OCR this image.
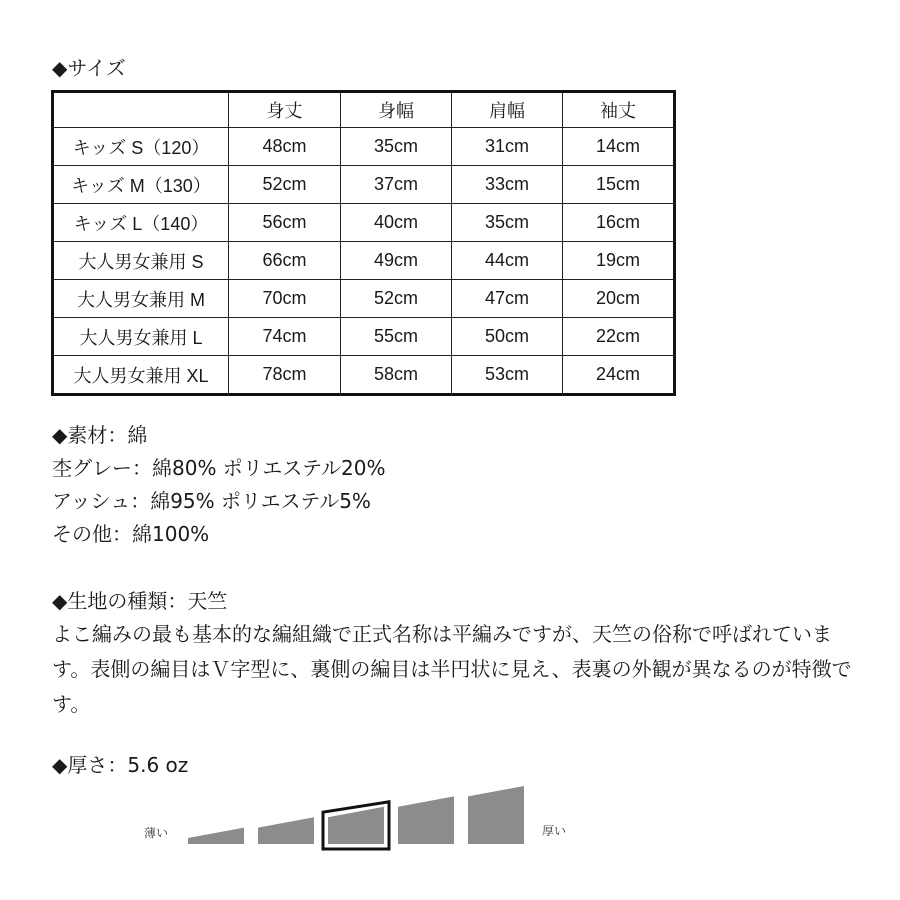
◆サイズ
	身丈	身幅	肩幅	袖丈
キッズ S（120）	48cm	35cm	31cm	14cm
キッズ M（130）	52cm	37cm	33cm	15cm
キッズ L（140）	56cm	40cm	35cm	16cm
大人男女兼用 S	66cm	49cm	44cm	19cm
大人男女兼用 M	70cm	52cm	47cm	20cm
大人男女兼用 L	74cm	55cm	50cm	22cm
大人男女兼用 XL	78cm	58cm	53cm	24cm
◆素材：綿
杢グレー：綿80% ポリエステル20%
アッシュ：綿95% ポリエステル5%
その他：綿100%
◆生地の種類：天竺
よこ編みの最も基本的な編組織で正式名称は平編みですが、天竺の俗称で呼ばれています。表側の編目はＶ字型に、裏側の編目は半円状に見え、表裏の外観が異なるのが特徴です。
◆厚さ：5.6 oz
薄い	厚い
